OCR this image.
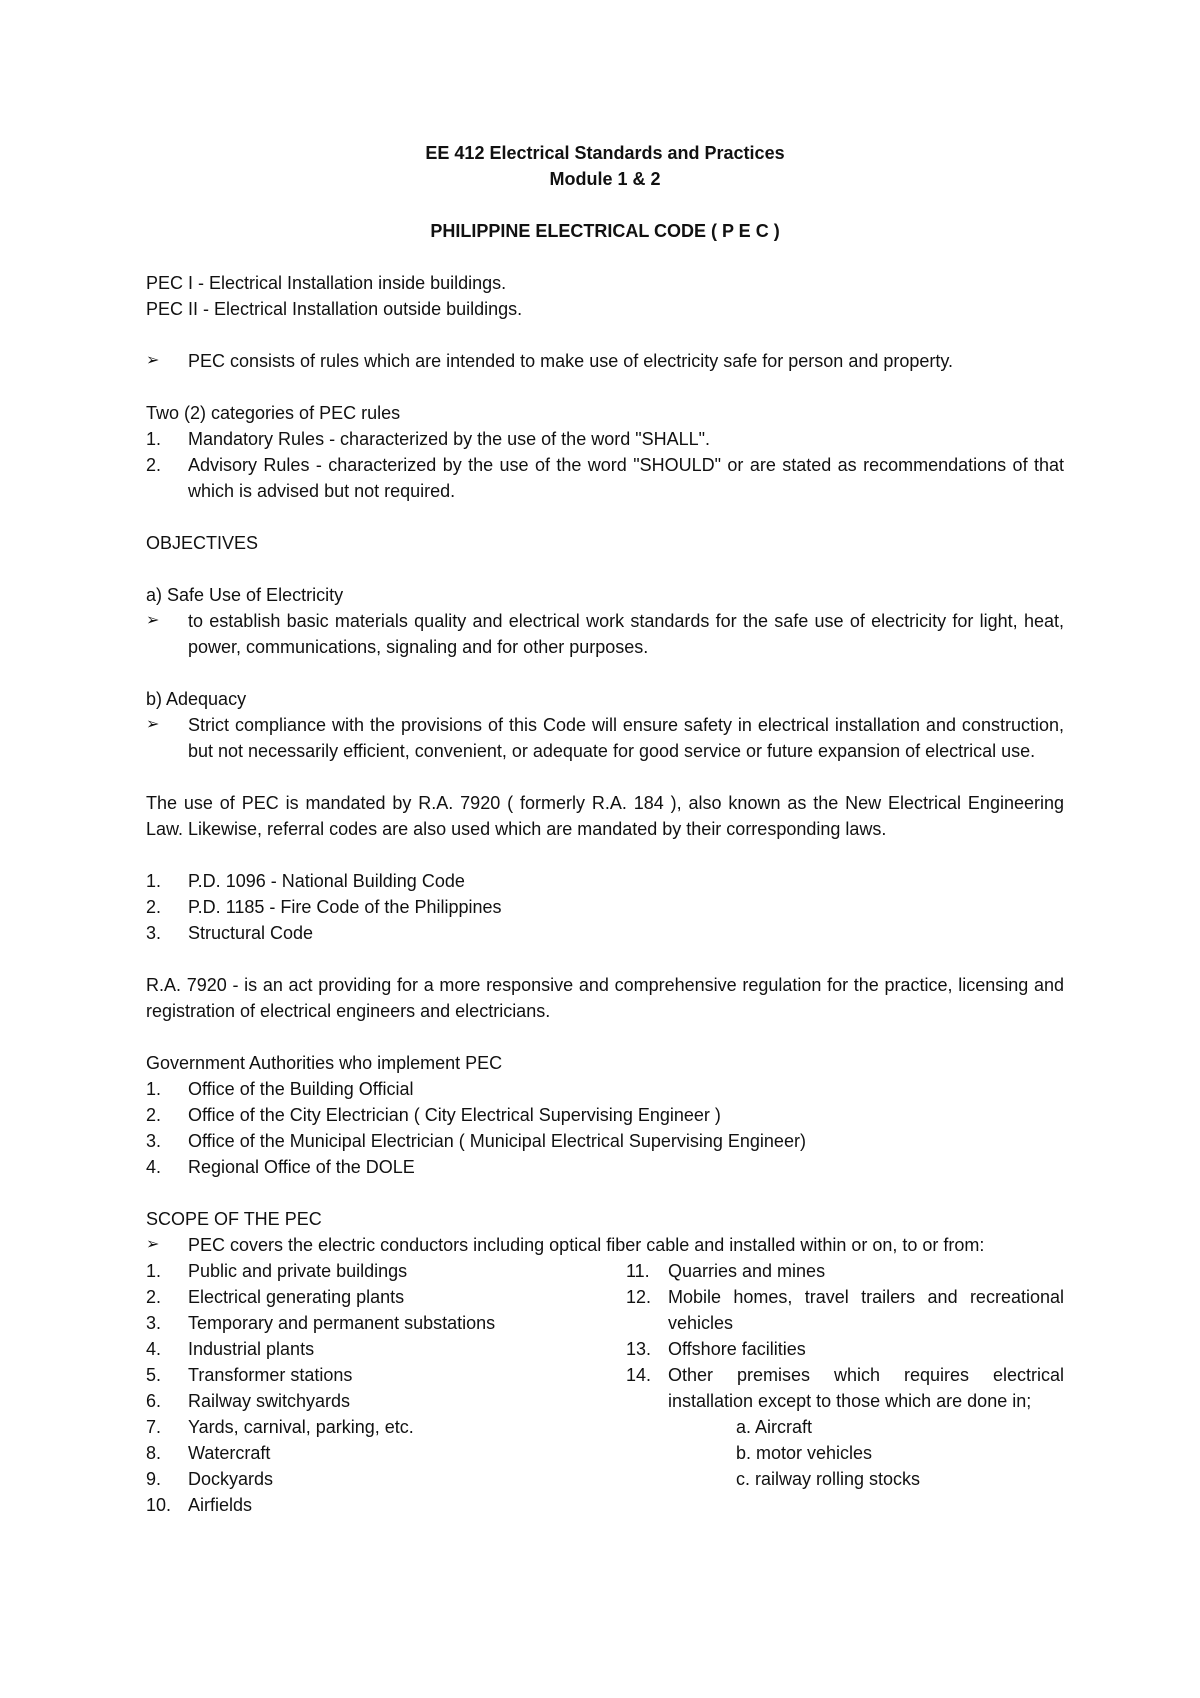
EE 412 Electrical Standards and Practices
Module 1 & 2
PHILIPPINE ELECTRICAL CODE ( P E C )
PEC I - Electrical Installation inside buildings.
PEC II - Electrical Installation outside buildings.
➢ PEC consists of rules which are intended to make use of electricity safe for person and property.
Two (2) categories of PEC rules
1. Mandatory Rules - characterized by the use of the word "SHALL".
2. Advisory Rules - characterized by the use of the word "SHOULD" or are stated as recommendations of that which is advised but not required.
OBJECTIVES
a) Safe Use of Electricity
➢ to establish basic materials quality and electrical work standards for the safe use of electricity for light, heat, power, communications, signaling and for other purposes.
b) Adequacy
➢ Strict compliance with the provisions of this Code will ensure safety in electrical installation and construction, but not necessarily efficient, convenient, or adequate for good service or future expansion of electrical use.
The use of PEC is mandated by R.A. 7920 ( formerly R.A. 184 ), also known as the New Electrical Engineering Law. Likewise, referral codes are also used which are mandated by their corresponding laws.
1. P.D. 1096 - National Building Code
2. P.D. 1185 - Fire Code of the Philippines
3. Structural Code
R.A. 7920 - is an act providing for a more responsive and comprehensive regulation for the practice, licensing and registration of electrical engineers and electricians.
Government Authorities who implement PEC
1. Office of the Building Official
2. Office of the City Electrician ( City Electrical Supervising Engineer )
3. Office of the Municipal Electrician ( Municipal Electrical Supervising Engineer)
4. Regional Office of the DOLE
SCOPE OF THE PEC
➢ PEC covers the electric conductors including optical fiber cable and installed within or on, to or from:
1. Public and private buildings
2. Electrical generating plants
3. Temporary and permanent substations
4. Industrial plants
5. Transformer stations
6. Railway switchyards
7. Yards, carnival, parking, etc.
8. Watercraft
9. Dockyards
10. Airfields
11. Quarries and mines
12. Mobile homes, travel trailers and recreational vehicles
13. Offshore facilities
14. Other premises which requires electrical installation except to those which are done in;
a. Aircraft
b. motor vehicles
c. railway rolling stocks
